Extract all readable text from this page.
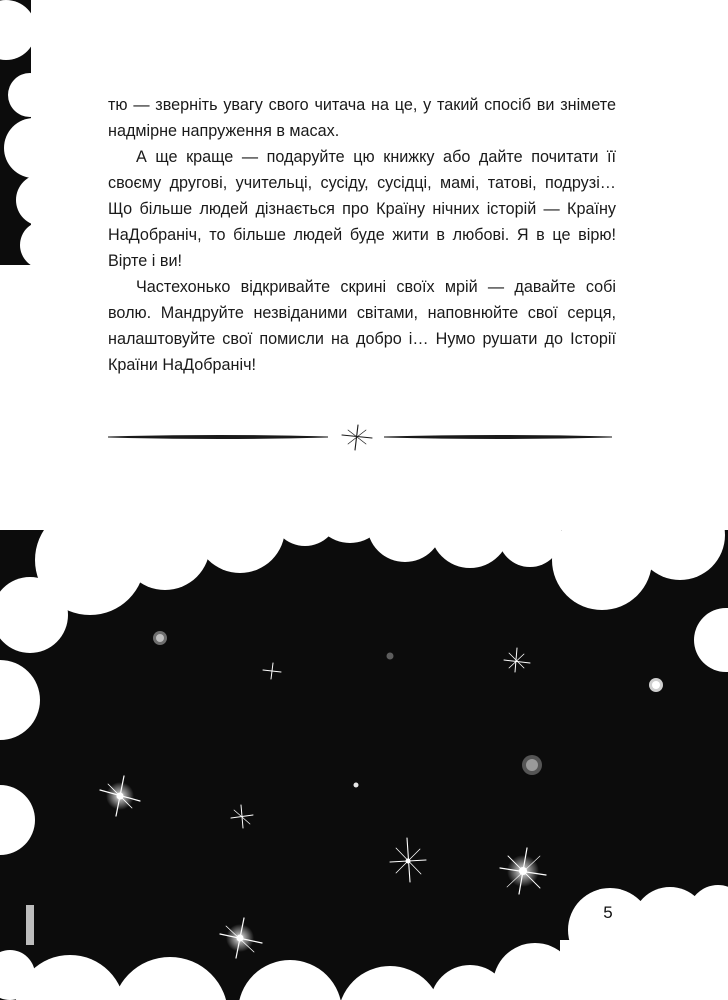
тю — зверніть увагу свого читача на це, у такий спосіб ви знімете надмірне напруження в масах.

А ще краще — подаруйте цю книжку або дайте почитати її своєму другові, учительці, сусіду, сусідці, мамі, татові, подрузі… Що більше людей дізнається про Країну нічних історій — Країну НаДобраніч, то більше людей буде жити в любові. Я в це вірю! Вірте і ви!

Частехонько відкривайте скрині своїх мрій — давайте собі волю. Мандруйте незвіданими світами, наповнюйте свої серця, налаштовуйте свої помисли на добро і… Нумо рушати до Історії Країни НаДобраніч!

5
